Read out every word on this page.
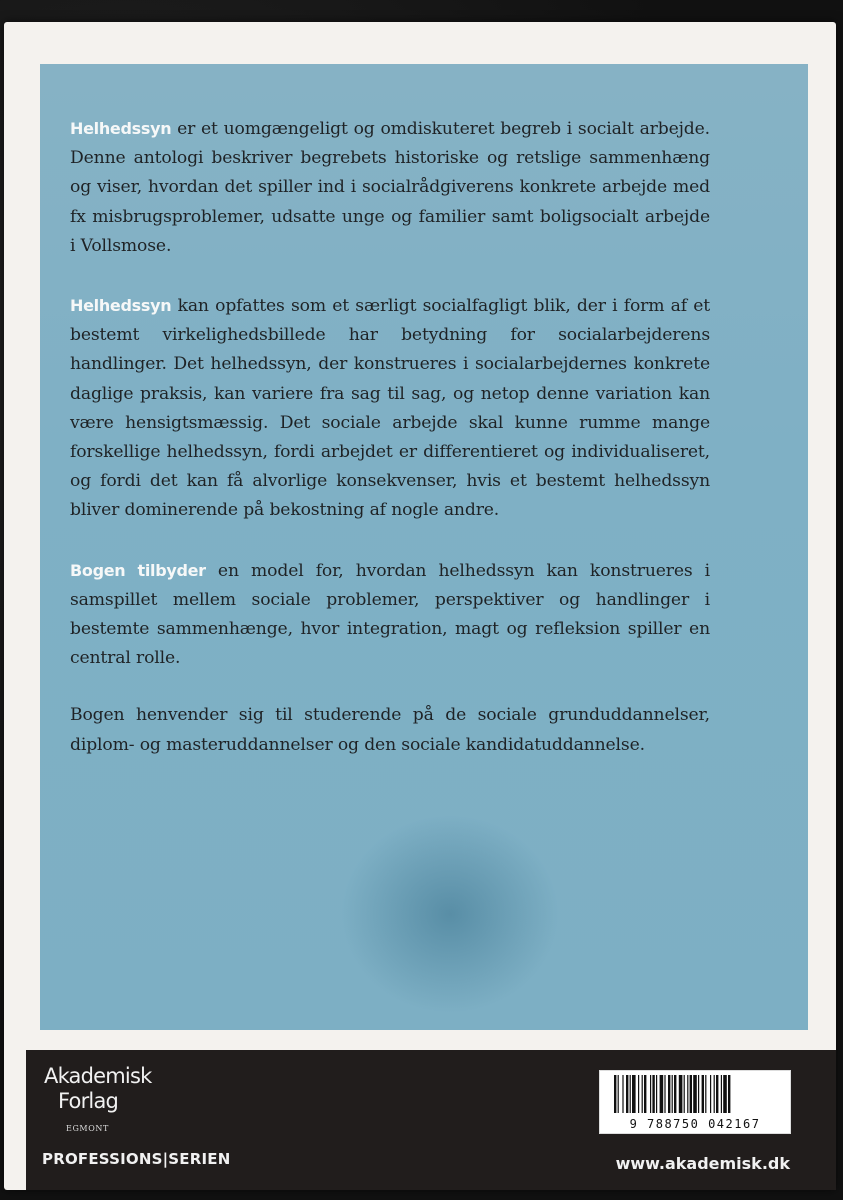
Helhedssyn er et uomgængeligt og omdiskuteret begreb i socialt arbejde. Denne antologi beskriver begrebets historiske og retslige sammenhæng og viser, hvordan det spiller ind i socialrådgiverens konkrete arbejde med fx misbrugsproblemer, udsatte unge og familier samt boligsocialt arbejde i Vollsmose.

Helhedssyn kan opfattes som et særligt socialfagligt blik, der i form af et bestemt virkelighedsbillede har betydning for socialarbejderens handlinger. Det helhedssyn, der konstrueres i socialarbejdernes konkrete daglige praksis, kan variere fra sag til sag, og netop denne variation kan være hensigtsmæssig. Det sociale arbejde skal kunne rumme mange forskellige helhedssyn, fordi arbejdet er differentieret og individualiseret, og fordi det kan få alvorlige konsekvenser, hvis et bestemt helhedssyn bliver dominerende på bekostning af nogle andre.

Bogen tilbyder en model for, hvordan helhedssyn kan konstrueres i samspillet mellem sociale problemer, perspektiver og handlinger i bestemte sammenhænge, hvor integration, magt og refleksion spiller en central rolle.

Bogen henvender sig til studerende på de sociale grunduddannelser, diplom- og masteruddannelser og den sociale kandidatuddannelse.

Akademisk
Forlag
EGMONT
PROFESSIONS|SERIEN
9 788750 042167
www.akademisk.dk
